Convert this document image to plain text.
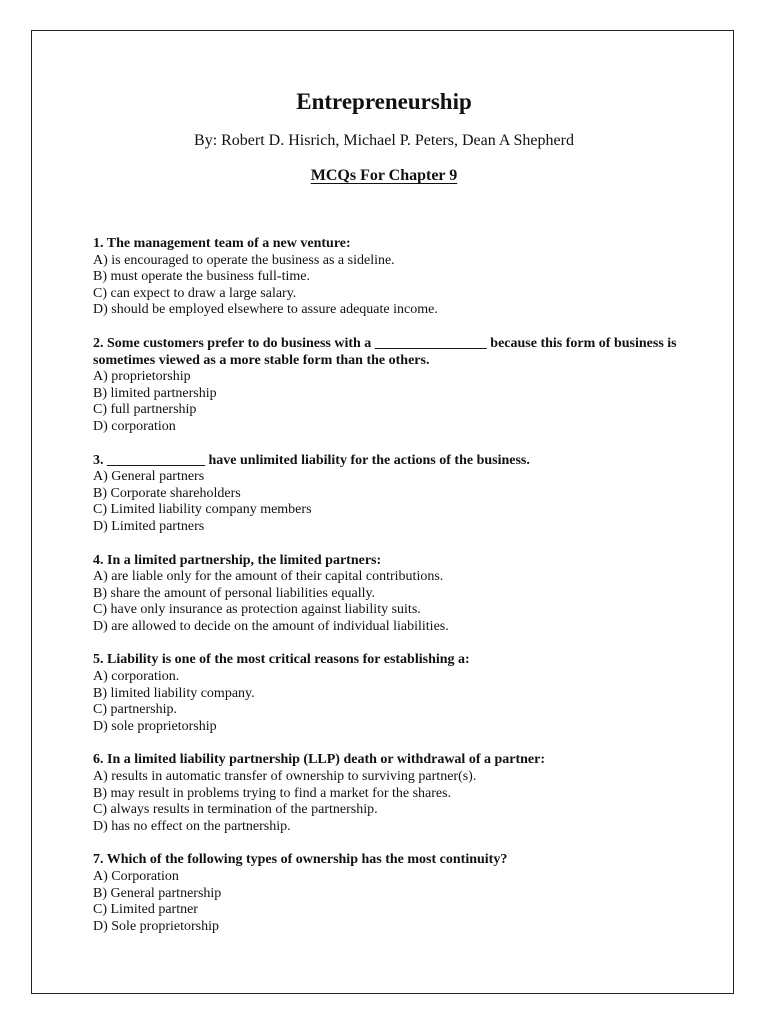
Entrepreneurship
By: Robert D. Hisrich, Michael P. Peters, Dean A Shepherd
MCQs For Chapter 9
1. The management team of a new venture:
A) is encouraged to operate the business as a sideline.
B) must operate the business full-time.
C) can expect to draw a large salary.
D) should be employed elsewhere to assure adequate income.
2. Some customers prefer to do business with a ________________ because this form of business is sometimes viewed as a more stable form than the others.
A) proprietorship
B) limited partnership
C) full partnership
D) corporation
3. ______________ have unlimited liability for the actions of the business.
A) General partners
B) Corporate shareholders
C) Limited liability company members
D) Limited partners
4. In a limited partnership, the limited partners:
A) are liable only for the amount of their capital contributions.
B) share the amount of personal liabilities equally.
C) have only insurance as protection against liability suits.
D) are allowed to decide on the amount of individual liabilities.
5. Liability is one of the most critical reasons for establishing a:
A) corporation.
B) limited liability company.
C) partnership.
D) sole proprietorship
6. In a limited liability partnership (LLP) death or withdrawal of a partner:
A) results in automatic transfer of ownership to surviving partner(s).
B) may result in problems trying to find a market for the shares.
C) always results in termination of the partnership.
D) has no effect on the partnership.
7. Which of the following types of ownership has the most continuity?
A) Corporation
B) General partnership
C) Limited partner
D) Sole proprietorship
